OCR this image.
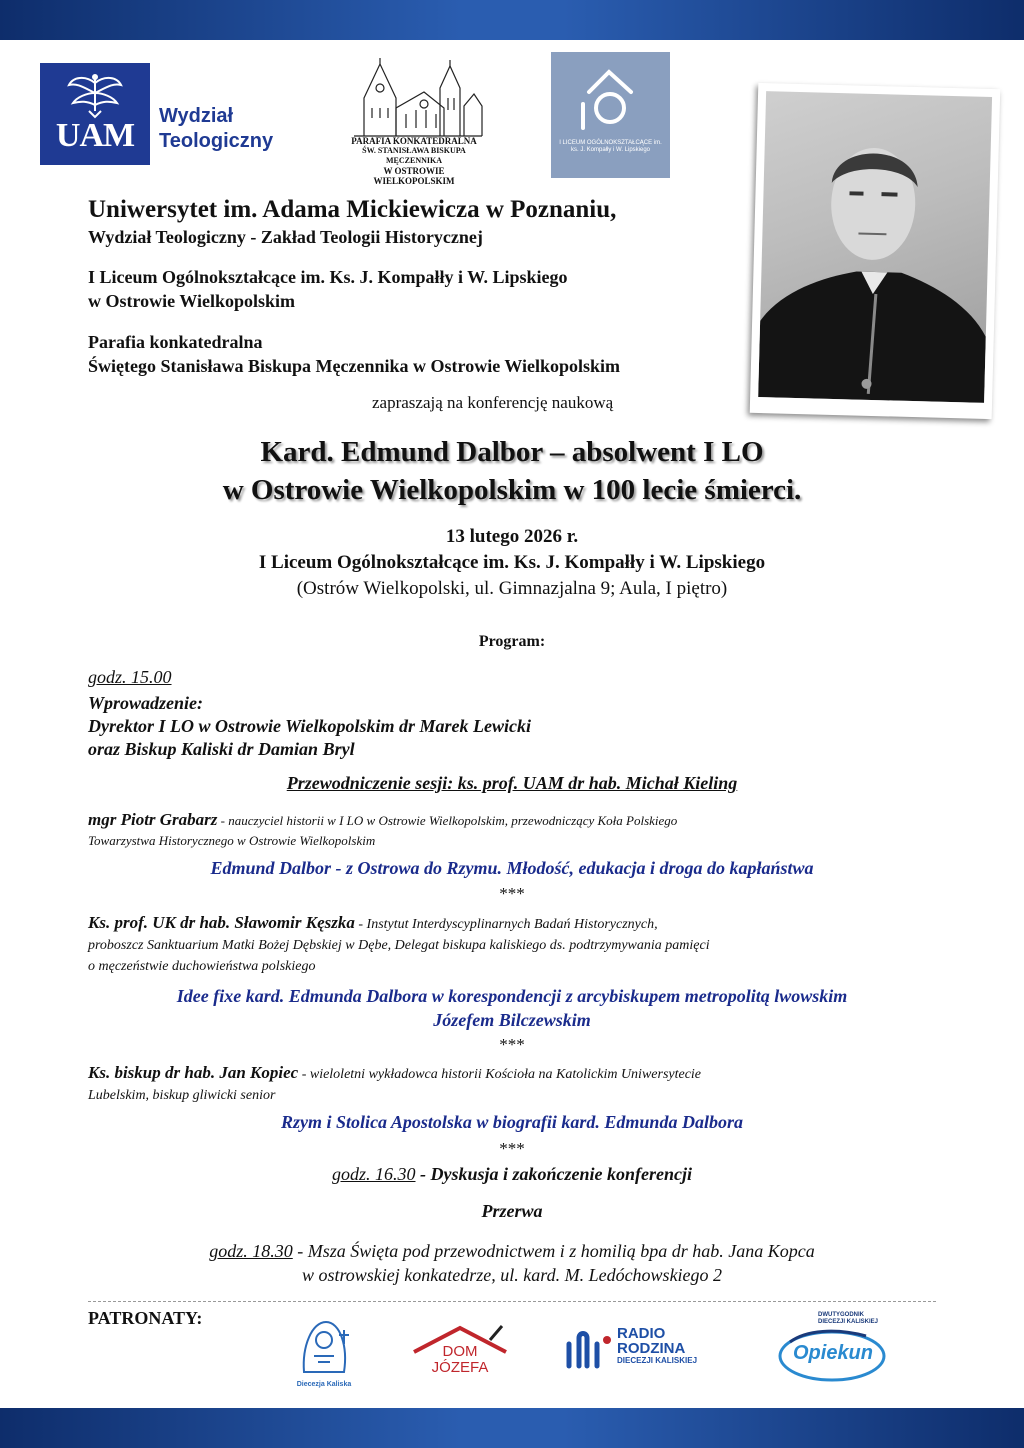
UAM
Wydział
Teologiczny	PARAFIA KONKATEDRALNA
ŚW. STANISŁAWA BISKUPA MĘCZENNIKA
W OSTROWIE WIELKOPOLSKIM
I LICEUM OGÓLNOKSZTAŁCĄCE im. ks. J. Kompałły i W. Lipskiego
Uniwersytet im. Adama Mickiewicza w Poznaniu,
Wydział Teologiczny - Zakład Teologii Historycznej
I Liceum Ogólnokształcące im. Ks. J. Kompałły i W. Lipskiego
w Ostrowie Wielkopolskim
Parafia konkatedralna
Świętego Stanisława Biskupa Męczennika w Ostrowie Wielkopolskim
zapraszają na konferencję naukową
Kard. Edmund Dalbor – absolwent I LO
w Ostrowie Wielkopolskim w 100 lecie śmierci.
13 lutego 2026 r.
I Liceum Ogólnokształcące im. Ks. J. Kompałły i W. Lipskiego
(Ostrów Wielkopolski, ul. Gimnazjalna 9; Aula, I piętro)
Program:
godz. 15.00
Wprowadzenie:
Dyrektor I LO w Ostrowie Wielkopolskim dr Marek Lewicki
oraz Biskup Kaliski dr Damian Bryl
Przewodniczenie sesji: ks. prof. UAM dr hab. Michał Kieling
mgr Piotr Grabarz - nauczyciel historii w I LO w Ostrowie Wielkopolskim, przewodniczący Koła Polskiego
Towarzystwa Historycznego w Ostrowie Wielkopolskim
Edmund Dalbor - z Ostrowa do Rzymu. Młodość, edukacja i droga do kapłaństwa
***
Ks. prof. UK dr hab. Sławomir Kęszka - Instytut Interdyscyplinarnych Badań Historycznych,
proboszcz Sanktuarium Matki Bożej Dębskiej w Dębe, Delegat biskupa kaliskiego ds. podtrzymywania pamięci
o męczeństwie duchowieństwa polskiego
Idee fixe kard. Edmunda Dalbora w korespondencji z arcybiskupem metropolitą lwowskim
Józefem Bilczewskim
***
Ks. biskup dr hab. Jan Kopiec - wieloletni wykładowca historii Kościoła na Katolickim Uniwersytecie
Lubelskim, biskup gliwicki senior
Rzym i Stolica Apostolska w biografii kard. Edmunda Dalbora
***
godz. 16.30 - Dyskusja i zakończenie konferencji
Przerwa
godz. 18.30 - Msza Święta pod przewodnictwem i z homilią bpa dr hab. Jana Kopca
w ostrowskiej konkatedrze, ul. kard. M. Ledóchowskiego 2
PATRONATY:
Diecezja Kaliska
DOM
JÓZEFA
RADIO
RODZINA
DIECEZJI KALISKIEJ
DWUTYGODNIK
DIECEZJI KALISKIEJ
Opiekun
